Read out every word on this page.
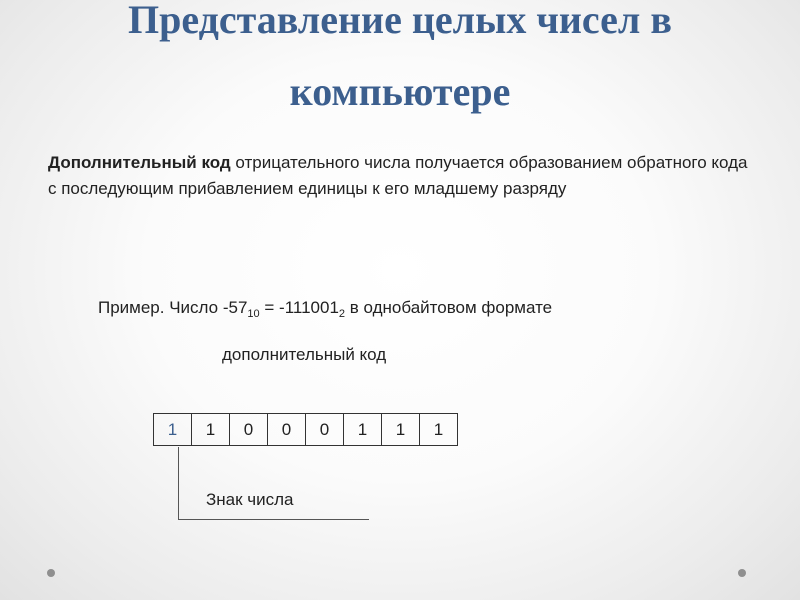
Представление целых чисел в
компьютере
Дополнительный код отрицательного числа получается образованием обратного кода с последующим прибавлением единицы к его младшему разряду
Пример. Число $-57_{10} = -111001_2$ в однобайтовом формате
дополнительный код
1	1	0	0	0	1	1	1
Знак числа
